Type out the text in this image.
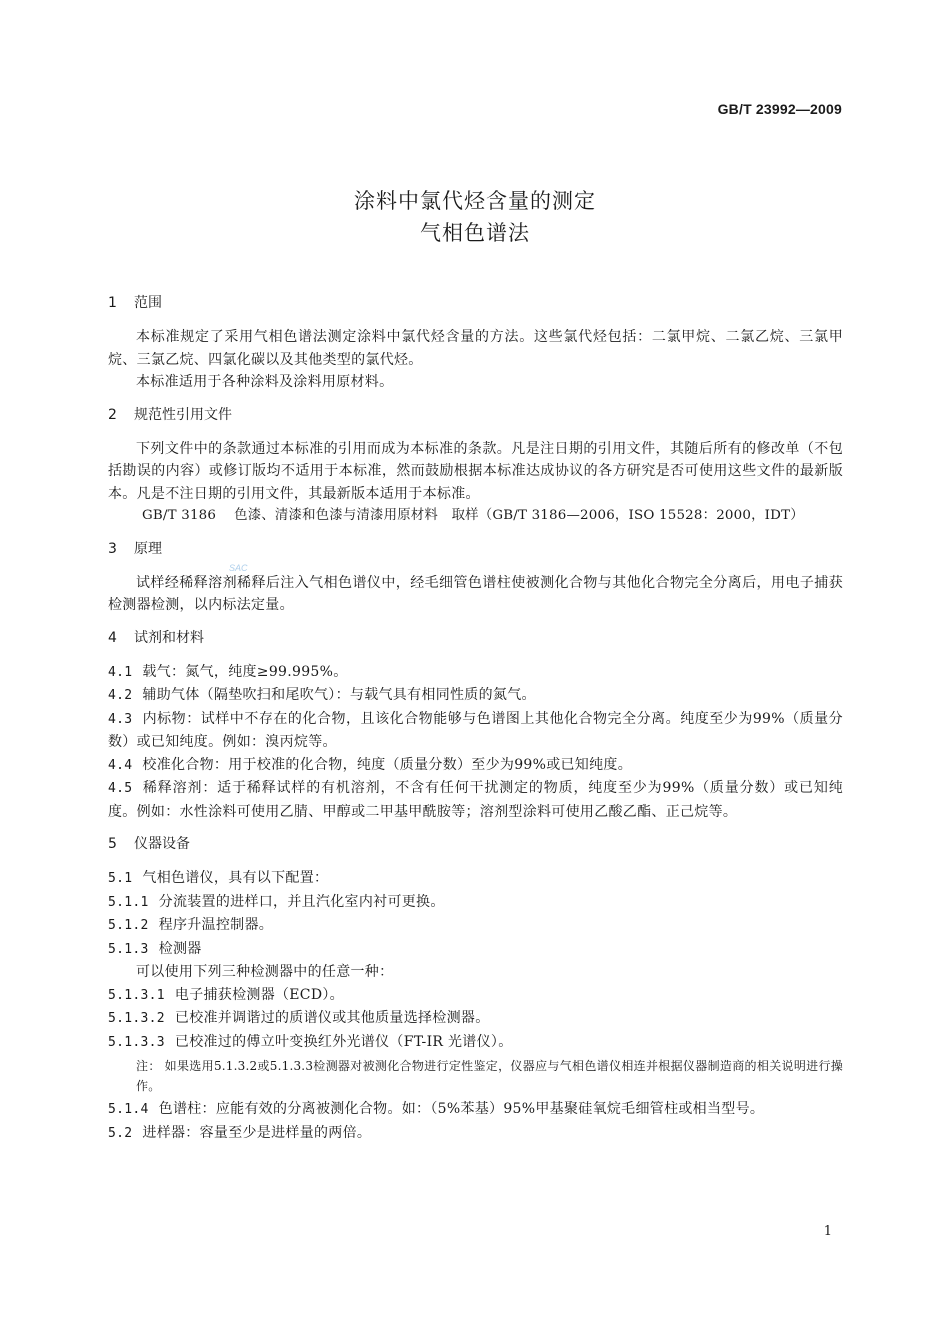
GB/T 23992—2009
涂料中氯代烃含量的测定
气相色谱法
SAC
1 范围

本标准规定了采用气相色谱法测定涂料中氯代烃含量的方法。这些氯代烃包括：二氯甲烷、二氯乙烷、三氯甲烷、三氯乙烷、四氯化碳以及其他类型的氯代烃。

本标准适用于各种涂料及涂料用原材料。

2 规范性引用文件

下列文件中的条款通过本标准的引用而成为本标准的条款。凡是注日期的引用文件，其随后所有的修改单（不包括勘误的内容）或修订版均不适用于本标准，然而鼓励根据本标准达成协议的各方研究是否可使用这些文件的最新版本。凡是不注日期的引用文件，其最新版本适用于本标准。

GB/T 3186 色漆、清漆和色漆与清漆用原材料　取样（GB/T 3186—2006，ISO 15528：2000，IDT）

3 原理

试样经稀释溶剂稀释后注入气相色谱仪中，经毛细管色谱柱使被测化合物与其他化合物完全分离后，用电子捕获检测器检测，以内标法定量。

4 试剂和材料

4.1 载气：氮气，纯度≥99.995%。

4.2 辅助气体（隔垫吹扫和尾吹气）：与载气具有相同性质的氮气。

4.3 内标物：试样中不存在的化合物，且该化合物能够与色谱图上其他化合物完全分离。纯度至少为99%（质量分数）或已知纯度。例如：溴丙烷等。

4.4 校准化合物：用于校准的化合物，纯度（质量分数）至少为99%或已知纯度。

4.5 稀释溶剂：适于稀释试样的有机溶剂，不含有任何干扰测定的物质，纯度至少为99%（质量分数）或已知纯度。例如：水性涂料可使用乙腈、甲醇或二甲基甲酰胺等；溶剂型涂料可使用乙酸乙酯、正己烷等。

5 仪器设备

5.1 气相色谱仪，具有以下配置：

5.1.1 分流装置的进样口，并且汽化室内衬可更换。

5.1.2 程序升温控制器。

5.1.3 检测器

可以使用下列三种检测器中的任意一种：

5.1.3.1 电子捕获检测器（ECD）。

5.1.3.2 已校准并调谐过的质谱仪或其他质量选择检测器。

5.1.3.3 已校准过的傅立叶变换红外光谱仪（FT-IR 光谱仪）。

注： 如果选用5.1.3.2或5.1.3.3检测器对被测化合物进行定性鉴定，仪器应与气相色谱仪相连并根据仪器制造商的相关说明进行操作。

5.1.4 色谱柱：应能有效的分离被测化合物。如：（5%苯基）95%甲基聚硅氧烷毛细管柱或相当型号。

5.2 进样器：容量至少是进样量的两倍。

1
